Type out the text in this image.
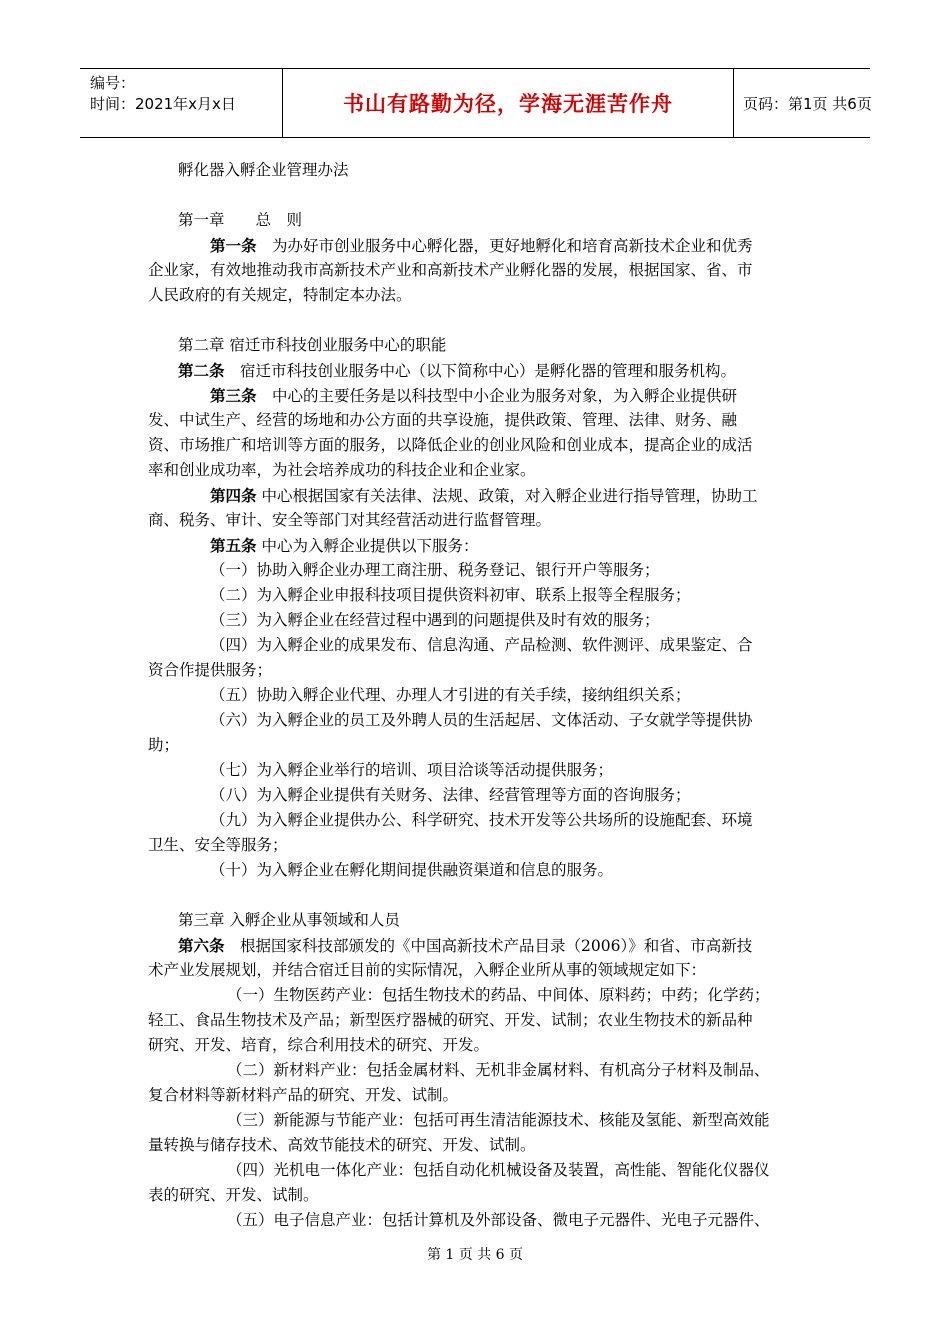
编号：
时间：2021年x月x日	书山有路勤为径，学海无涯苦作舟	页码：第1页 共6页
孵化器入孵企业管理办法
第一章　　总　则
第一条　为办好市创业服务中心孵化器，更好地孵化和培育高新技术企业和优秀
企业家，有效地推动我市高新技术产业和高新技术产业孵化器的发展，根据国家、省、市
人民政府的有关规定，特制定本办法。
第二章 宿迁市科技创业服务中心的职能
第二条　宿迁市科技创业服务中心（以下简称中心）是孵化器的管理和服务机构。
第三条　中心的主要任务是以科技型中小企业为服务对象，为入孵企业提供研
发、中试生产、经营的场地和办公方面的共享设施，提供政策、管理、法律、财务、融
资、市场推广和培训等方面的服务，以降低企业的创业风险和创业成本，提高企业的成活
率和创业成功率，为社会培养成功的科技企业和企业家。
第四条 中心根据国家有关法律、法规、政策，对入孵企业进行指导管理，协助工
商、税务、审计、安全等部门对其经营活动进行监督管理。
第五条 中心为入孵企业提供以下服务：
（一）协助入孵企业办理工商注册、税务登记、银行开户等服务；
（二）为入孵企业申报科技项目提供资料初审、联系上报等全程服务；
（三）为入孵企业在经营过程中遇到的问题提供及时有效的服务；
（四）为入孵企业的成果发布、信息沟通、产品检测、软件测评、成果鉴定、合
资合作提供服务；
（五）协助入孵企业代理、办理人才引进的有关手续，接纳组织关系；
（六）为入孵企业的员工及外聘人员的生活起居、文体活动、子女就学等提供协
助；
（七）为入孵企业举行的培训、项目洽谈等活动提供服务；
（八）为入孵企业提供有关财务、法律、经营管理等方面的咨询服务；
（九）为入孵企业提供办公、科学研究、技术开发等公共场所的设施配套、环境
卫生、安全等服务；
（十）为入孵企业在孵化期间提供融资渠道和信息的服务。
第三章 入孵企业从事领域和人员
第六条　根据国家科技部颁发的《中国高新技术产品目录（2006）》和省、市高新技
术产业发展规划，并结合宿迁目前的实际情况，入孵企业所从事的领域规定如下：
（一）生物医药产业：包括生物技术的药品、中间体、原料药；中药；化学药；
轻工、食品生物技术及产品；新型医疗器械的研究、开发、试制；农业生物技术的新品种
研究、开发、培育，综合利用技术的研究、开发。
（二）新材料产业：包括金属材料、无机非金属材料、有机高分子材料及制品、
复合材料等新材料产品的研究、开发、试制。
（三）新能源与节能产业：包括可再生清洁能源技术、核能及氢能、新型高效能
量转换与储存技术、高效节能技术的研究、开发、试制。
（四）光机电一体化产业：包括自动化机械设备及装置，高性能、智能化仪器仪
表的研究、开发、试制。
（五）电子信息产业：包括计算机及外部设备、微电子元器件、光电子元器件、
第 1 页 共 6 页
